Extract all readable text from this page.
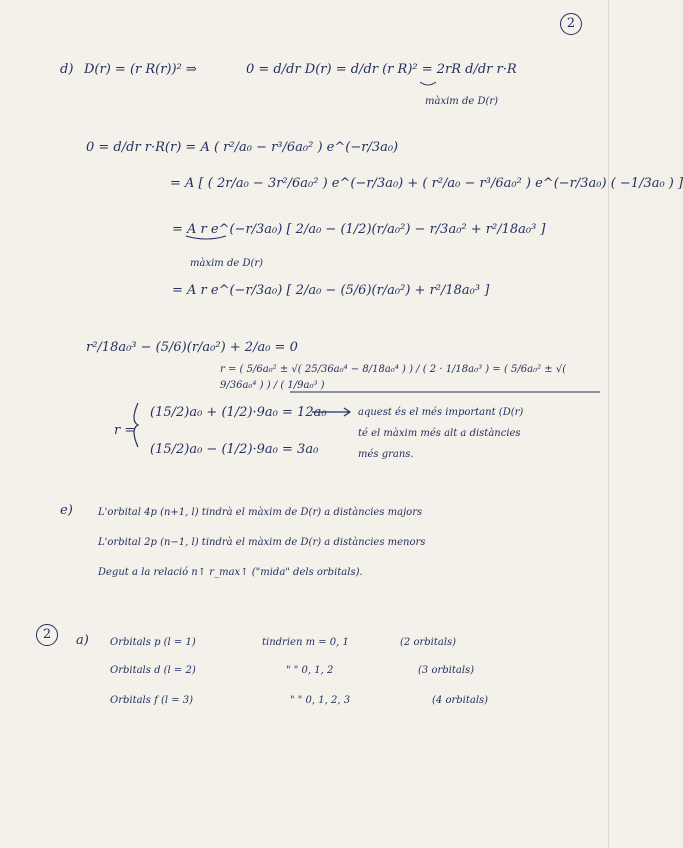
2
d) D(r) = (r R(r))² ⇒	0 = d/dr D(r) = d/dr (r R)² = 2rR d/dr r·R
màxim de D(r)
0 = d/dr r·R(r) = A ( r²/a₀ − r³/6a₀² ) e^(−r/3a₀)
= A [ ( 2r/a₀ − 3r²/6a₀² ) e^(−r/3a₀) + ( r²/a₀ − r³/6a₀² ) e^(−r/3a₀) ( −1/3a₀ ) ]
= A r e^(−r/3a₀) [ 2/a₀ − (1/2)(r/a₀²) − r/3a₀² + r²/18a₀³ ]
màxim de D(r)
= A r e^(−r/3a₀) [ 2/a₀ − (5/6)(r/a₀²) + r²/18a₀³ ]
r²/18a₀³ − (5/6)(r/a₀²) + 2/a₀ = 0
r = ( 5/6a₀² ± √( 25/36a₀⁴ − 8/18a₀⁴ ) ) / ( 2 · 1/18a₀³ ) = ( 5/6a₀² ± √( 9/36a₀⁴ ) ) / ( 1/9a₀³ )
r =
(15/2)a₀ + (1/2)·9a₀ = 12a₀
(15/2)a₀ − (1/2)·9a₀ = 3a₀
aquest és el més important (D(r)
té el màxim més alt a distàncies
més grans.
e)	L'orbital 4p (n+1, l) tindrà el màxim de D(r) a distàncies majors
L'orbital 2p (n−1, l) tindrà el màxim de D(r) a distàncies menors
Degut a la relació n↑ r_max↑ ("mida" dels orbitals).
2	a) Orbitals p (l = 1)	tindrien m = 0, 1	(2 orbitals)
Orbitals d (l = 2)	" " 0, 1, 2	(3 orbitals)
Orbitals f (l = 3)	" " 0, 1, 2, 3	(4 orbitals)
